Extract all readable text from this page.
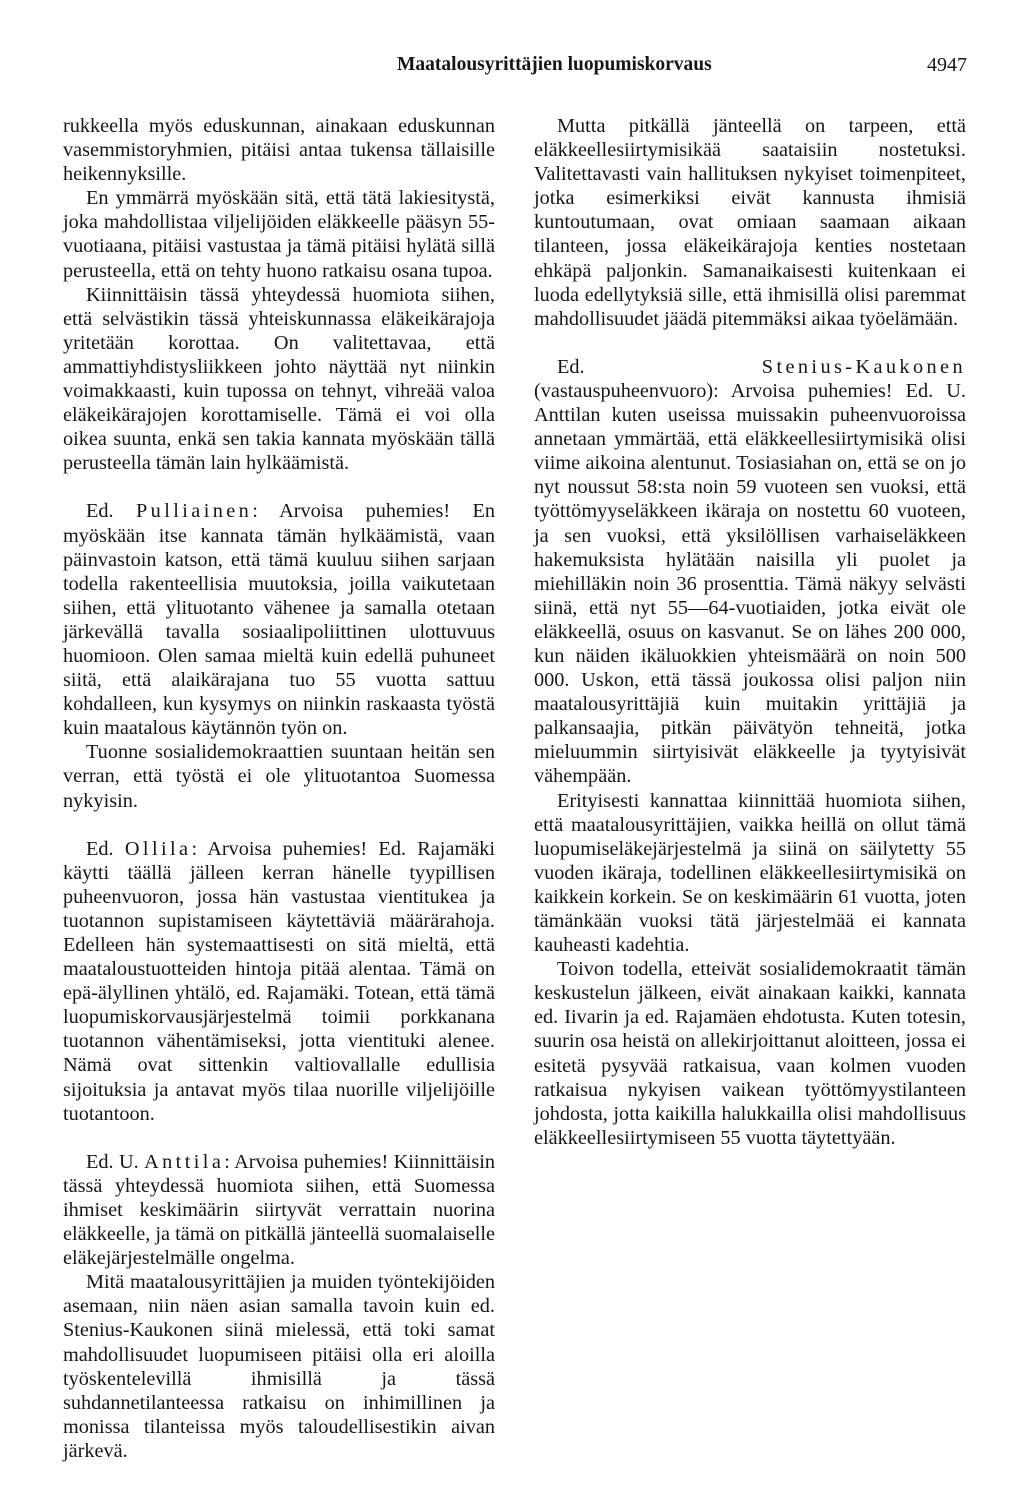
Maatalousyrittäjien luopumiskorvaus	4947

rukkeella myös eduskunnan, ainakaan eduskunnan vasemmistoryhmien, pitäisi antaa tukensa tällaisille heikennyksille.

En ymmärrä myöskään sitä, että tätä lakiesitystä, joka mahdollistaa viljelijöiden eläkkeelle pääsyn 55-vuotiaana, pitäisi vastustaa ja tämä pitäisi hylätä sillä perusteella, että on tehty huono ratkaisu osana tupoa.

Kiinnittäisin tässä yhteydessä huomiota siihen, että selvästikin tässä yhteiskunnassa eläkeikärajoja yritetään korottaa. On valitettavaa, että ammattiyhdistysliikkeen johto näyttää nyt niinkin voimakkaasti, kuin tupossa on tehnyt, vihreää valoa eläkeikärajojen korottamiselle. Tämä ei voi olla oikea suunta, enkä sen takia kannata myöskään tällä perusteella tämän lain hylkäämistä.

Ed. Pulliainen: Arvoisa puhemies! En myöskään itse kannata tämän hylkäämistä, vaan päinvastoin katson, että tämä kuuluu siihen sarjaan todella rakenteellisia muutoksia, joilla vaikutetaan siihen, että ylituotanto vähenee ja samalla otetaan järkevällä tavalla sosiaalipoliittinen ulottuvuus huomioon. Olen samaa mieltä kuin edellä puhuneet siitä, että alaikärajana tuo 55 vuotta sattuu kohdalleen, kun kysymys on niinkin raskaasta työstä kuin maatalous käytännön työn on.

Tuonne sosialidemokraattien suuntaan heitän sen verran, että työstä ei ole ylituotantoa Suomessa nykyisin.

Ed. Ollila: Arvoisa puhemies! Ed. Rajamäki käytti täällä jälleen kerran hänelle tyypillisen puheenvuoron, jossa hän vastustaa vientitukea ja tuotannon supistamiseen käytettäviä määrärahoja. Edelleen hän systemaattisesti on sitä mieltä, että maataloustuotteiden hintoja pitää alentaa. Tämä on epä-älyllinen yhtälö, ed. Rajamäki. Totean, että tämä luopumiskorvausjärjestelmä toimii porkkanana tuotannon vähentämiseksi, jotta vientituki alenee. Nämä ovat sittenkin valtiovallalle edullisia sijoituksia ja antavat myös tilaa nuorille viljelijöille tuotantoon.

Ed. U. Anttila: Arvoisa puhemies! Kiinnittäisin tässä yhteydessä huomiota siihen, että Suomessa ihmiset keskimäärin siirtyvät verrattain nuorina eläkkeelle, ja tämä on pitkällä jänteellä suomalaiselle eläkejärjestelmälle ongelma.

Mitä maatalousyrittäjien ja muiden työntekijöiden asemaan, niin näen asian samalla tavoin kuin ed. Stenius-Kaukonen siinä mielessä, että toki samat mahdollisuudet luopumiseen pitäisi olla eri aloilla työskentelevillä ihmisillä ja tässä suhdannetilanteessa ratkaisu on inhimillinen ja monissa tilanteissa myös taloudellisestikin aivan järkevä.

Mutta pitkällä jänteellä on tarpeen, että eläkkeellesiirtymisikää saataisiin nostetuksi. Valitettavasti vain hallituksen nykyiset toimenpiteet, jotka esimerkiksi eivät kannusta ihmisiä kuntoutumaan, ovat omiaan saamaan aikaan tilanteen, jossa eläkeikärajoja kenties nostetaan ehkäpä paljonkin. Samanaikaisesti kuitenkaan ei luoda edellytyksiä sille, että ihmisillä olisi paremmat mahdollisuudet jäädä pitemmäksi aikaa työelämään.

Ed.	Stenius-Kaukonen (vastauspuheenvuoro): Arvoisa puhemies! Ed. U. Anttilan kuten useissa muissakin puheenvuoroissa annetaan ymmärtää, että eläkkeellesiirtymisikä olisi viime aikoina alentunut. Tosiasiahan on, että se on jo nyt noussut 58:sta noin 59 vuoteen sen vuoksi, että työttömyyseläkkeen ikäraja on nostettu 60 vuoteen, ja sen vuoksi, että yksilöllisen varhaiseläkkeen hakemuksista hylätään naisilla yli puolet ja miehilläkin noin 36 prosenttia. Tämä näkyy selvästi siinä, että nyt 55—64-vuotiaiden, jotka eivät ole eläkkeellä, osuus on kasvanut. Se on lähes 200 000, kun näiden ikäluokkien yhteismäärä on noin 500 000. Uskon, että tässä joukossa olisi paljon niin maatalousyrittäjiä kuin muitakin yrittäjiä ja palkansaajia, pitkän päivätyön tehneitä, jotka mieluummin siirtyisivät eläkkeelle ja tyytyisivät vähempään.

Erityisesti kannattaa kiinnittää huomiota siihen, että maatalousyrittäjien, vaikka heillä on ollut tämä luopumiseläkejärjestelmä ja siinä on säilytetty 55 vuoden ikäraja, todellinen eläkkeellesiirtymisikä on kaikkein korkein. Se on keskimäärin 61 vuotta, joten tämänkään vuoksi tätä järjestelmää ei kannata kauheasti kadehtia.

Toivon todella, etteivät sosialidemokraatit tämän keskustelun jälkeen, eivät ainakaan kaikki, kannata ed. Iivarin ja ed. Rajamäen ehdotusta. Kuten totesin, suurin osa heistä on allekirjoittanut aloitteen, jossa ei esitetä pysyvää ratkaisua, vaan kolmen vuoden ratkaisua nykyisen vaikean työttömyystilanteen johdosta, jotta kaikilla halukkailla olisi mahdollisuus eläkkeellesiirtymiseen 55 vuotta täytettyään.
